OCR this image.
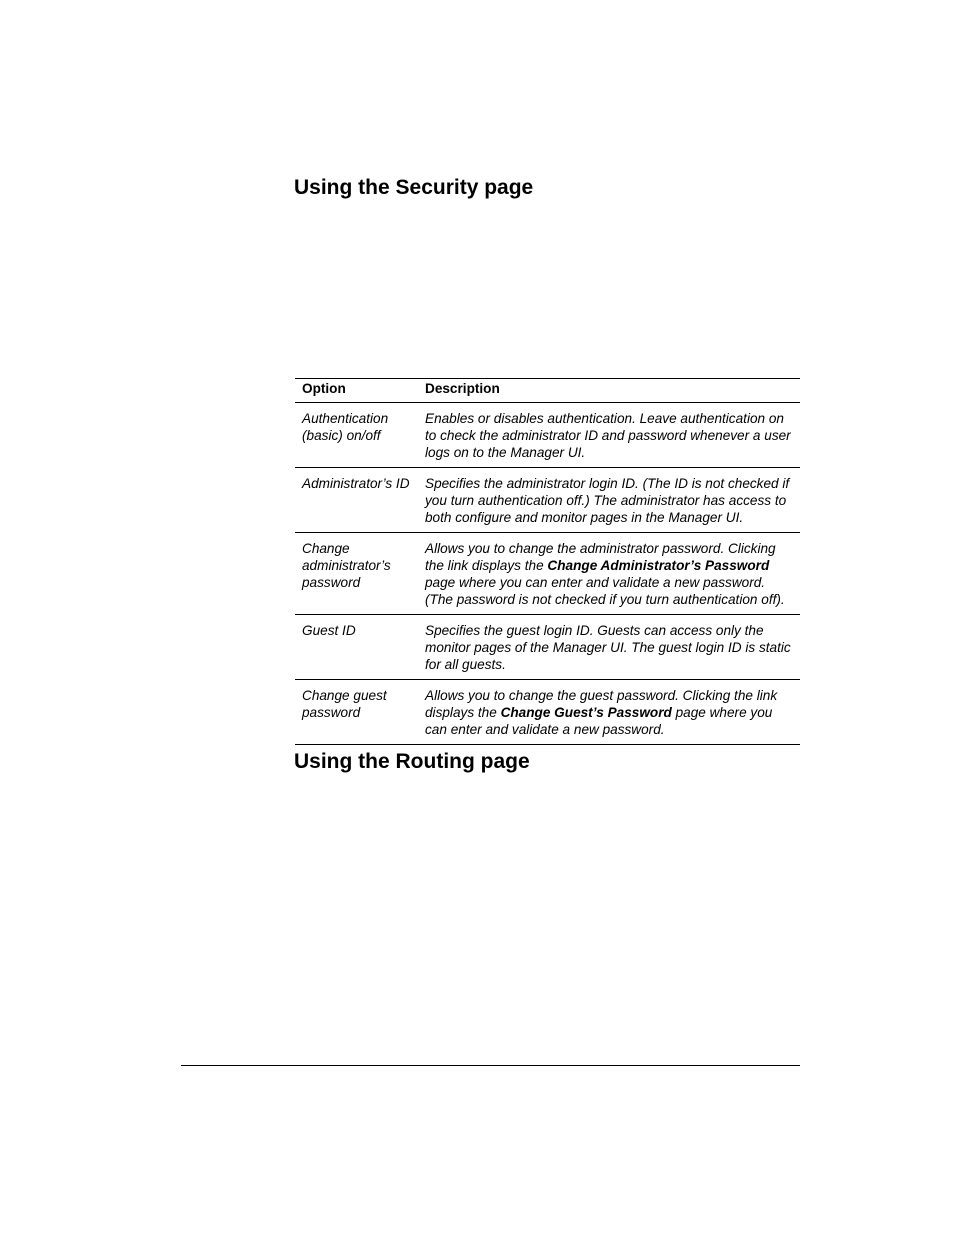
Using the Security page
Option	Description
Authentication (basic) on/off	Enables or disables authentication. Leave authentication on to check the administrator ID and password whenever a user logs on to the Manager UI.
Administrator’s ID	Specifies the administrator login ID. (The ID is not checked if you turn authentication off.) The administrator has access to both configure and monitor pages in the Manager UI.
Change administrator’s password	Allows you to change the administrator password. Clicking the link displays the Change Administrator’s Password page where you can enter and validate a new password. (The password is not checked if you turn authentication off).
Guest ID	Specifies the guest login ID. Guests can access only the monitor pages of the Manager UI. The guest login ID is static for all guests.
Change guest password	Allows you to change the guest password. Clicking the link displays the Change Guest’s Password page where you can enter and validate a new password.
Using the Routing page
